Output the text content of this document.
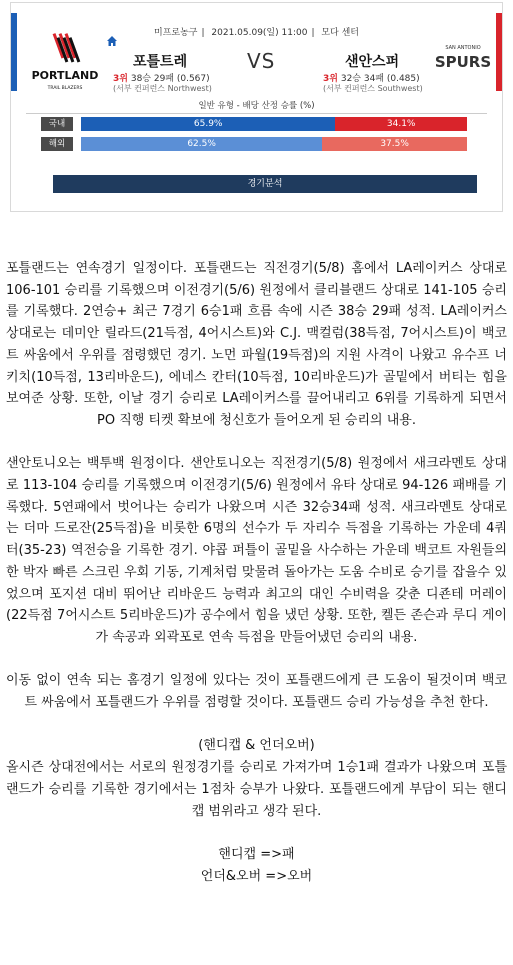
미프로농구 | 2021.05.09(일) 11:00 | 모다 센터
PORTLAND
TRAIL BLAZERS
SAN ANTONIO
SPURS
포틀트레	VS	샌안스퍼
3위 38승 29패 (0.567)
(서부 컨퍼런스 Northwest)
3위 32승 34패 (0.485)
(서부 컨퍼런스 Southwest)
일반 유형 - 배당 산정 승률 (%)
국내	65.9%	34.1%
해외	62.5%	37.5%
경기분석

포틀랜드는 연속경기 일정이다. 포틀랜드는 직전경기(5/8) 홈에서 LA레이커스 상대로 106-101 승리를 기록했으며 이전경기(5/6) 원정에서 클리블랜드 상대로 141-105 승리를 기록했다. 2연승+ 최근 7경기 6승1패 흐름 속에 시즌 38승 29패 성적. LA레이커스 상대로는 데미안 릴라드(21득점, 4어시스트)와 C.J. 맥컬럼(38득점, 7어시스트)이 백코트 싸움에서 우위를 점령했던 경기. 노먼 파월(19득점)의 지원 사격이 나왔고 유수프 너키치(10득점, 13리바운드), 에네스 칸터(10득점, 10리바운드)가 골밑에서 버티는 힘을 보여준 상황. 또한, 이날 경기 승리로 LA레이커스를 끌어내리고 6위를 기록하게 되면서 PO 직행 티켓 확보에 청신호가 들어오게 된 승리의 내용.

샌안토니오는 백투백 원정이다. 샌안토니오는 직전경기(5/8) 원정에서 새크라멘토 상대로 113-104 승리를 기록했으며 이전경기(5/6) 원정에서 유타 상대로 94-126 패배를 기록했다. 5연패에서 벗어나는 승리가 나왔으며 시즌 32승34패 성적. 새크라멘토 상대로는 더마 드로잔(25득점)을 비롯한 6명의 선수가 두 자리수 득점을 기록하는 가운데 4쿼터(35-23) 역전승을 기록한 경기. 야콥 퍼틀이 골밑을 사수하는 가운데 백코트 자원들의 한 박자 빠른 스크린 우회 기동, 기계처럼 맞물려 돌아가는 도움 수비로 승기를 잡을수 있었으며 포지션 대비 뛰어난 리바운드 능력과 최고의 대인 수비력을 갖춘 디죤테 머레이(22득점 7어시스트 5리바운드)가 공수에서 힘을 냈던 상황. 또한, 켈든 존슨과 루디 게이가 속공과 외곽포로 연속 득점을 만들어냈던 승리의 내용.

이동 없이 연속 되는 홈경기 일정에 있다는 것이 포틀랜드에게 큰 도움이 될것이며 백코트 싸움에서 포틀랜드가 우위를 점령할 것이다. 포틀랜드 승리 가능성을 추천 한다.

(핸디캡 & 언더오버)

올시즌 상대전에서는 서로의 원정경기를 승리로 가져가며 1승1패 결과가 나왔으며 포틀랜드가 승리를 기록한 경기에서는 1점차 승부가 나왔다. 포틀랜드에게 부담이 되는 핸디캡 범위라고 생각 된다.

핸디캡 =>패

언더&오버 =>오버
